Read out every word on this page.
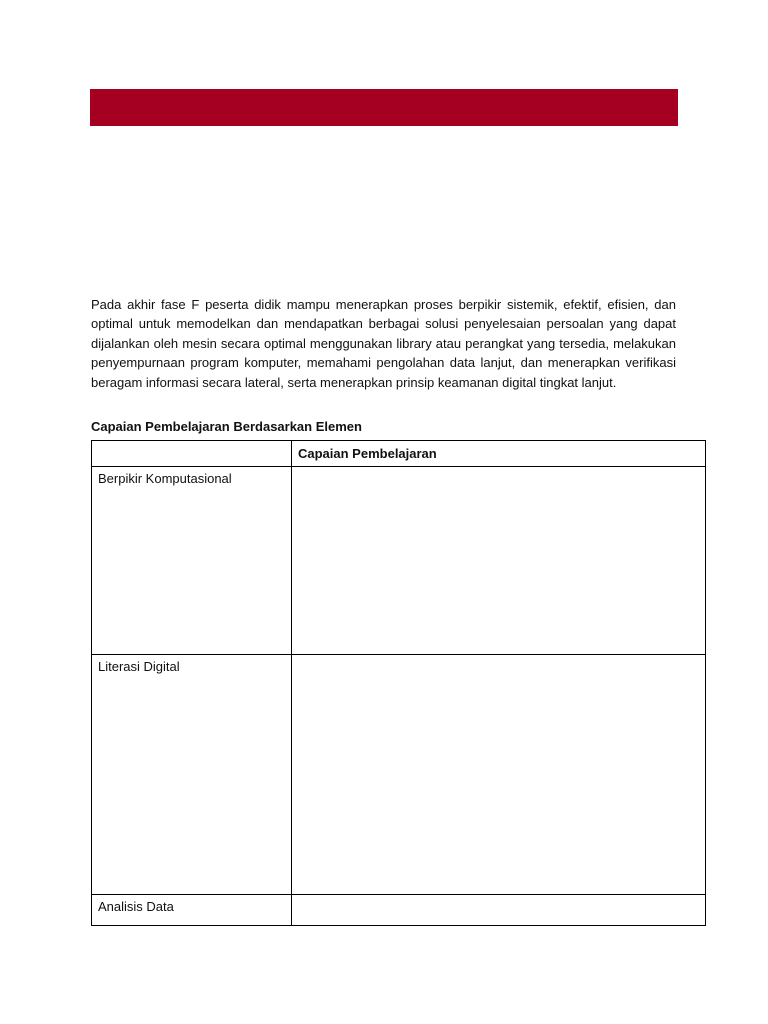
Pada akhir fase F peserta didik mampu menerapkan proses berpikir sistemik, efektif, efisien, dan optimal untuk memodelkan dan mendapatkan berbagai solusi penyelesaian persoalan yang dapat dijalankan oleh mesin secara optimal menggunakan library atau perangkat yang tersedia, melakukan penyempurnaan program komputer, memahami pengolahan data lanjut, dan menerapkan verifikasi beragam informasi secara lateral, serta menerapkan prinsip keamanan digital tingkat lanjut.

Capaian Pembelajaran Berdasarkan Elemen

	Capaian Pembelajaran
Berpikir Komputasional	
Literasi Digital	
Analisis Data	
